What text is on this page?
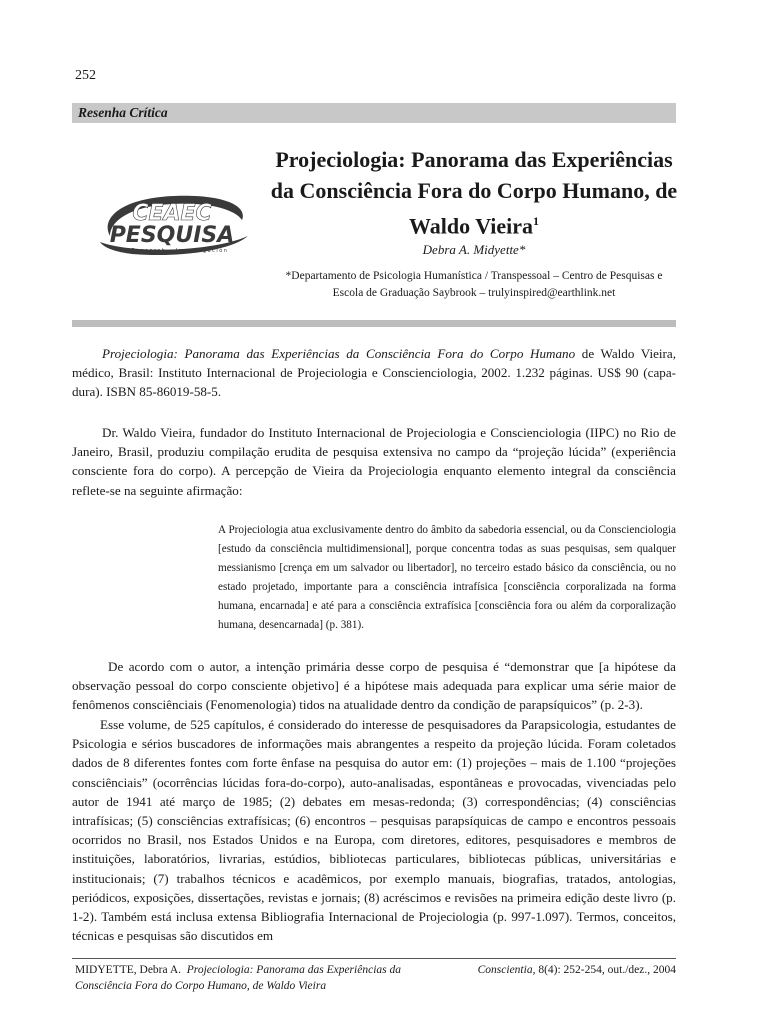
252
Resenha Crítica
CEAEC
PESQUISA
Research · Investigación
Projeciologia: Panorama das Experiências da Consciência Fora do Corpo Humano, de Waldo Vieira$^1$
Debra A. Midyette*
*Departamento de Psicologia Humanística / Transpessoal – Centro de Pesquisas e Escola de Graduação Saybrook – trulyinspired@earthlink.net

Projeciologia: Panorama das Experiências da Consciência Fora do Corpo Humano de Waldo Vieira, médico, Brasil: Instituto Internacional de Projeciologia e Conscienciologia, 2002. 1.232 páginas. US$ 90 (capa-dura). ISBN 85-86019-58-5.

Dr. Waldo Vieira, fundador do Instituto Internacional de Projeciologia e Conscienciologia (IIPC) no Rio de Janeiro, Brasil, produziu compilação erudita de pesquisa extensiva no campo da “projeção lúcida” (experiência consciente fora do corpo). A percepção de Vieira da Projeciologia enquanto elemento integral da consciência reflete-se na seguinte afirmação:

A Projeciologia atua exclusivamente dentro do âmbito da sabedoria essencial, ou da Conscienciologia [estudo da consciência multidimensional], porque concentra todas as suas pesquisas, sem qualquer messianismo [crença em um salvador ou libertador], no terceiro estado básico da consciência, ou no estado projetado, importante para a consciência intrafísica [consciência corporalizada na forma humana, encarnada] e até para a consciência extrafísica [consciência fora ou além da corporalização humana, desencarnada] (p. 381).

De acordo com o autor, a intenção primária desse corpo de pesquisa é “demonstrar que [a hipótese da observação pessoal do corpo consciente objetivo] é a hipótese mais adequada para explicar uma série maior de fenômenos consciênciais (Fenomenologia) tidos na atualidade dentro da condição de parapsíquicos” (p. 2-3).

Esse volume, de 525 capítulos, é considerado do interesse de pesquisadores da Parapsicologia, estudantes de Psicologia e sérios buscadores de informações mais abrangentes a respeito da projeção lúcida. Foram coletados dados de 8 diferentes fontes com forte ênfase na pesquisa do autor em: (1) projeções – mais de 1.100 “projeções consciênciais” (ocorrências lúcidas fora-do-corpo), auto-analisadas, espontâneas e provocadas, vivenciadas pelo autor de 1941 até março de 1985; (2) debates em mesas-redonda; (3) correspondências; (4) consciências intrafísicas; (5) consciências extrafísicas; (6) encontros – pesquisas parapsíquicas de campo e encontros pessoais ocorridos no Brasil, nos Estados Unidos e na Europa, com diretores, editores, pesquisadores e membros de instituições, laboratórios, livrarias, estúdios, bibliotecas particulares, bibliotecas públicas, universitárias e institucionais; (7) trabalhos técnicos e acadêmicos, por exemplo manuais, biografias, tratados, antologias, periódicos, exposições, dissertações, revistas e jornais; (8) acréscimos e revisões na primeira edição deste livro (p. 1-2). Também está inclusa extensa Bibliografia Internacional de Projeciologia (p. 997-1.097). Termos, conceitos, técnicas e pesquisas são discutidos em

MIDYETTE, Debra A. Projeciologia: Panorama das Experiências da Consciência Fora do Corpo Humano, de Waldo Vieira
Conscientia, 8(4): 252-254, out./dez., 2004
